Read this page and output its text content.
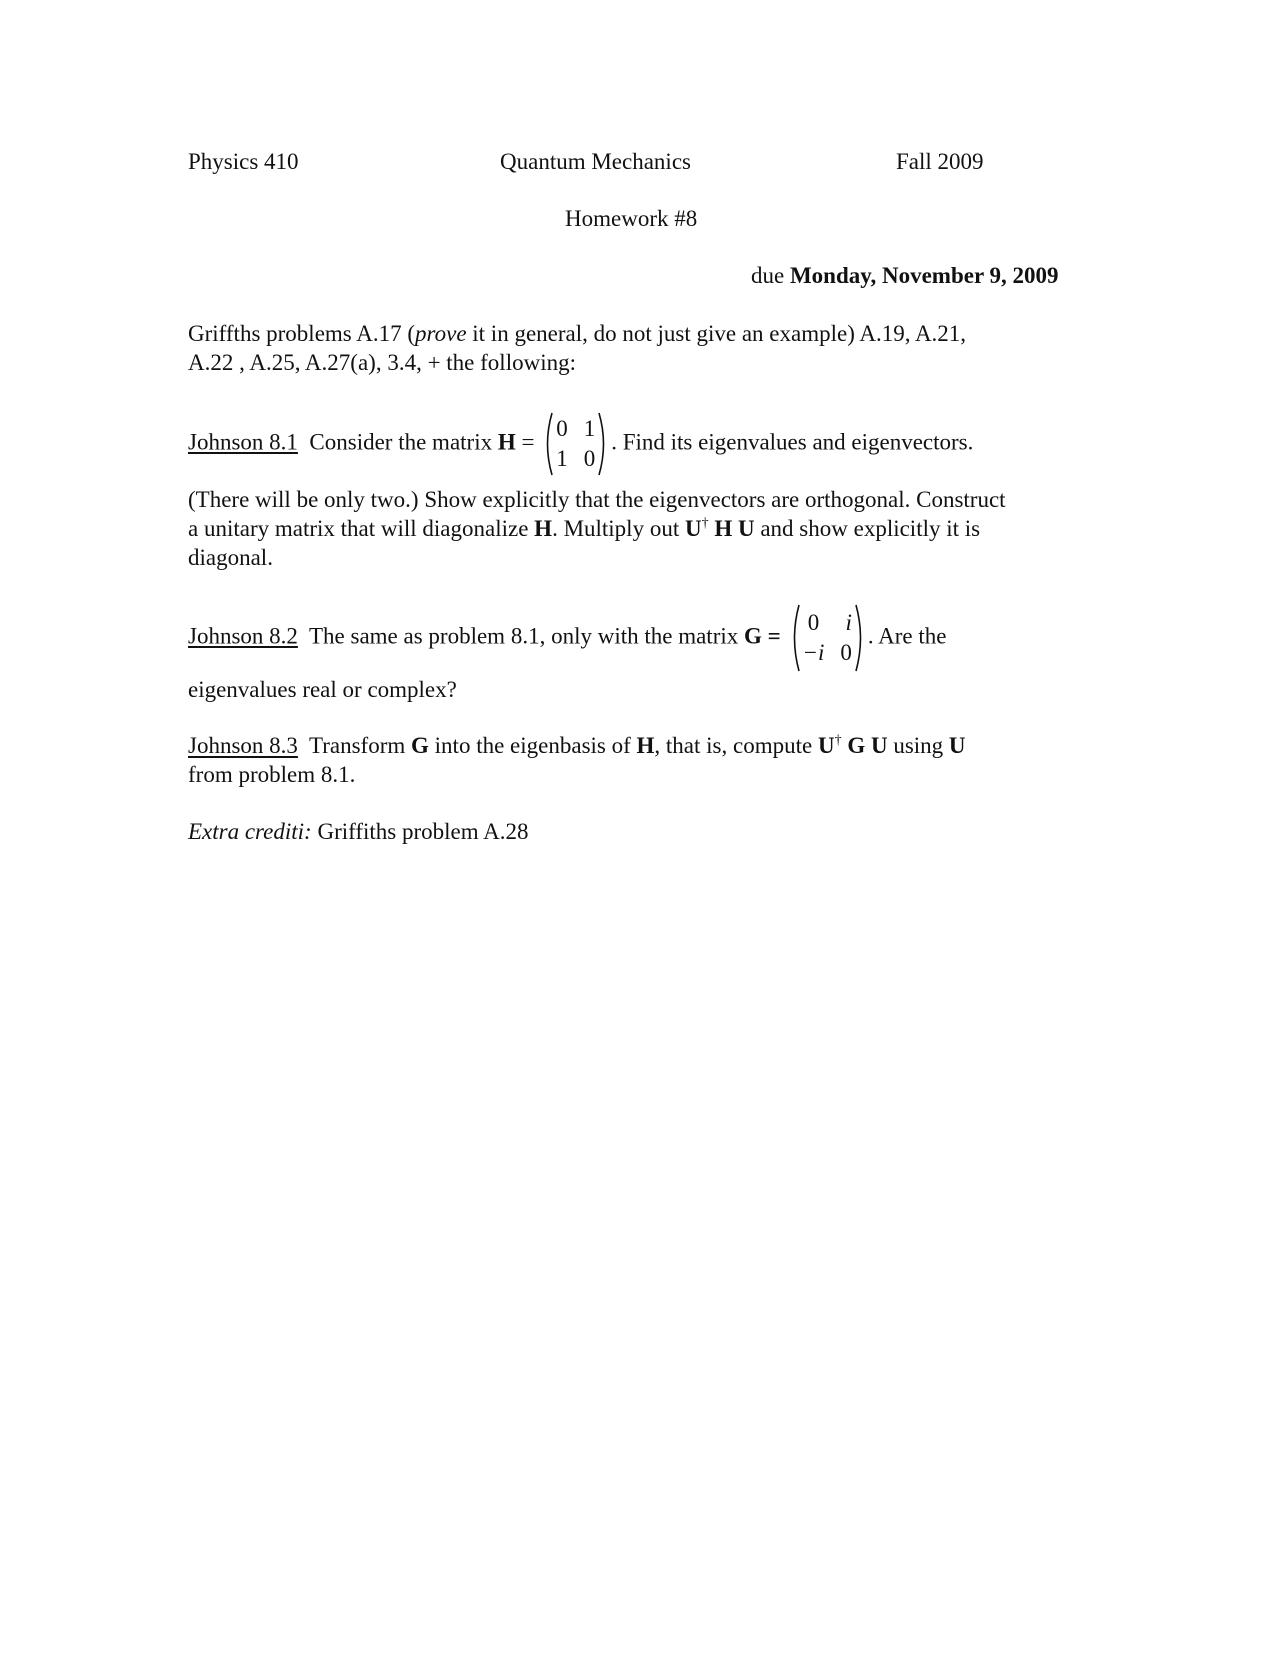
Physics 410	Quantum Mechanics	Fall 2009
Homework #8
due Monday, November 9, 2009
Griffths problems A.17 (prove it in general, do not just give an example) A.19, A.21,
A.22 , A.25, A.27(a), 3.4, + the following:
Johnson 8.1 Consider the matrix H =
0 1
1 0
. Find its eigenvalues and eigenvectors.
(There will be only two.) Show explicitly that the eigenvectors are orthogonal. Construct
a unitary matrix that will diagonalize H. Multiply out U† H U and show explicitly it is
diagonal.
Johnson 8.2 The same as problem 8.1, only with the matrix G =
0 i
−i 0
. Are the
eigenvalues real or complex?
Johnson 8.3 Transform G into the eigenbasis of H, that is, compute U† G U using U
from problem 8.1.
Extra crediti: Griffiths problem A.28
